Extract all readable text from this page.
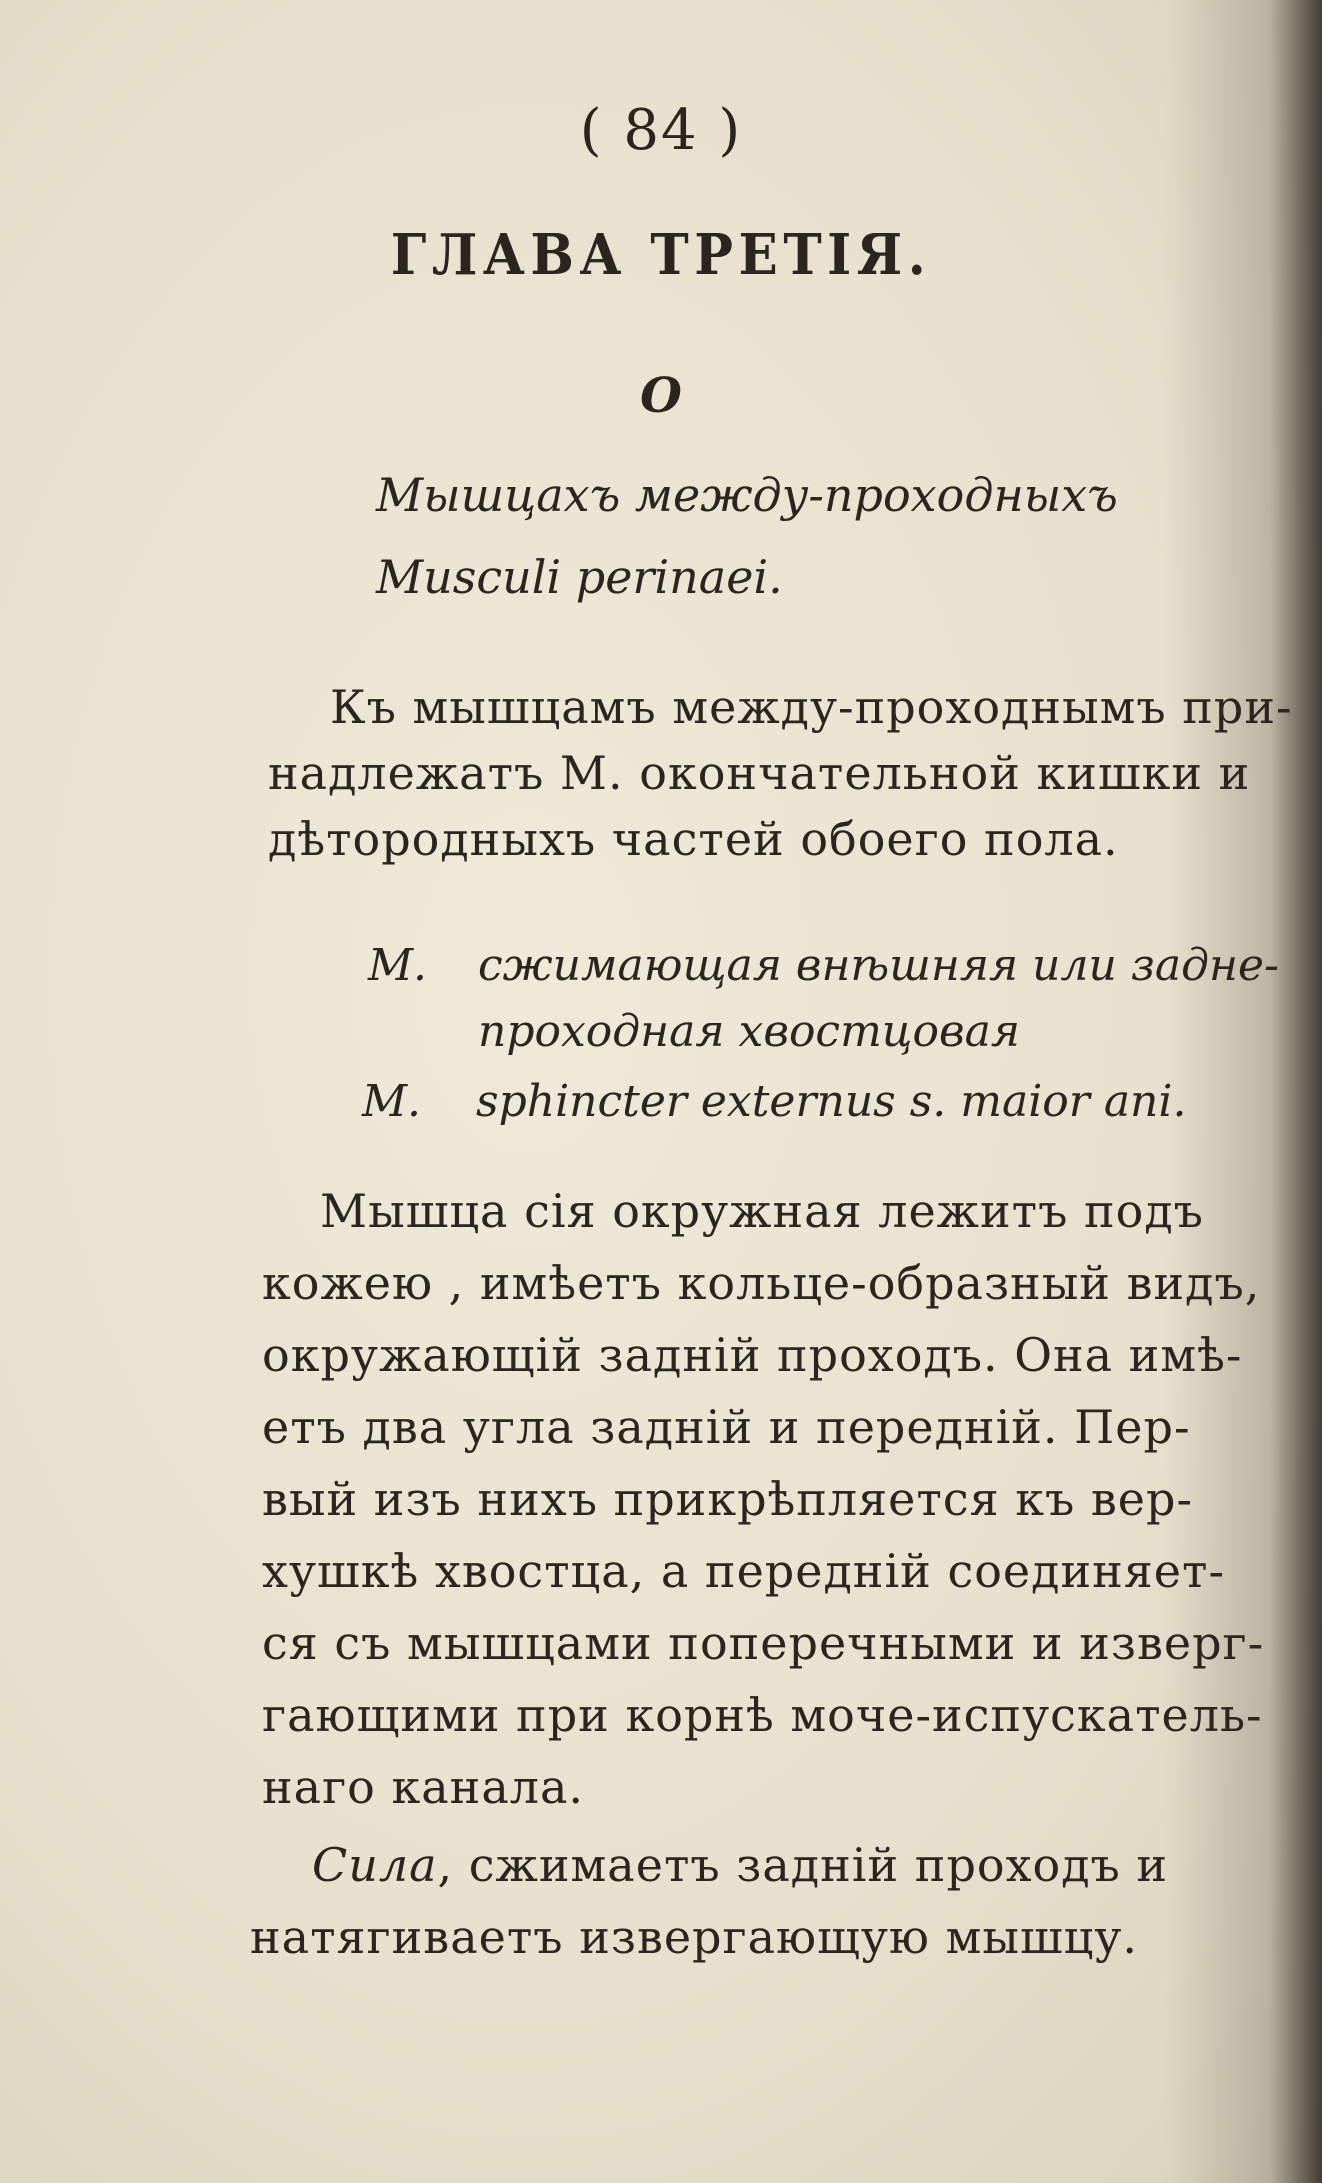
( 84 )
ГЛАВА ТРЕТІЯ.
О
Мышцахъ между-проходныхъ
Musculi perinaei.
Къ мышцамъ между-проходнымъ при-
надлежатъ М. окончательной кишки и
дѣтородныхъ частей обоего пола.
М. сжимающая внѣшняя или задне-
проходная хвостцовая
M. sphincter externus s. maior ani.
Мышца сія окружная лежитъ подъ
кожею , имѣетъ кольце-образный видъ,
окружающій задній проходъ. Она имѣ-
етъ два угла задній и передній. Пер-
вый изъ нихъ прикрѣпляется къ вер-
хушкѣ хвостца, а передній соединяет-
ся съ мышцами поперечными и изверг-
гающими при корнѣ моче-испускатель-
наго канала.
Сила, сжимаетъ задній проходъ и
натягиваетъ извергающую мышцу.
